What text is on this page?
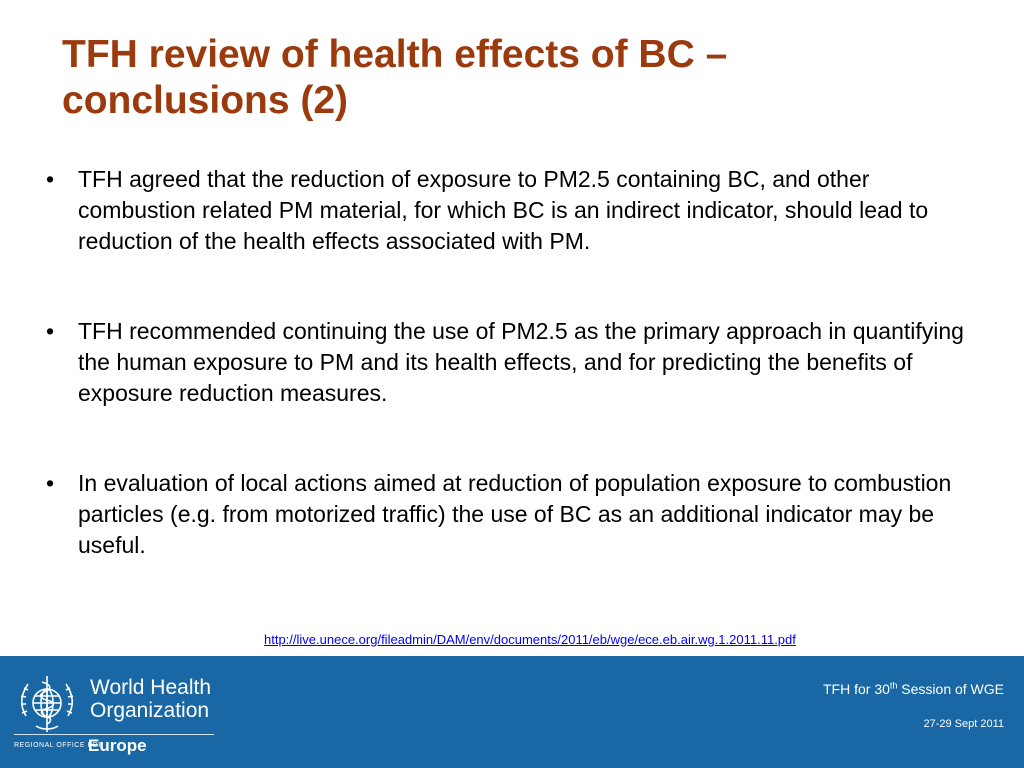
TFH review of health effects of BC –
conclusions (2)
• TFH agreed that the reduction of exposure to PM2.5 containing BC, and other combustion related PM material, for which BC is an indirect indicator, should lead to reduction of the health effects associated with PM.
• TFH recommended continuing the use of PM2.5 as the primary approach in quantifying the human exposure to PM and its health effects, and for predicting the benefits of exposure reduction measures.
• In evaluation of local actions aimed at reduction of population exposure to combustion particles (e.g. from motorized traffic) the use of BC as an additional indicator may be useful.
http://live.unece.org/fileadmin/DAM/env/documents/2011/eb/wge/ece.eb.air.wg.1.2011.11.pdf
World Health
Organization
REGIONAL OFFICE FOR
Europe
TFH for 30th Session of WGE
27-29 Sept 2011
